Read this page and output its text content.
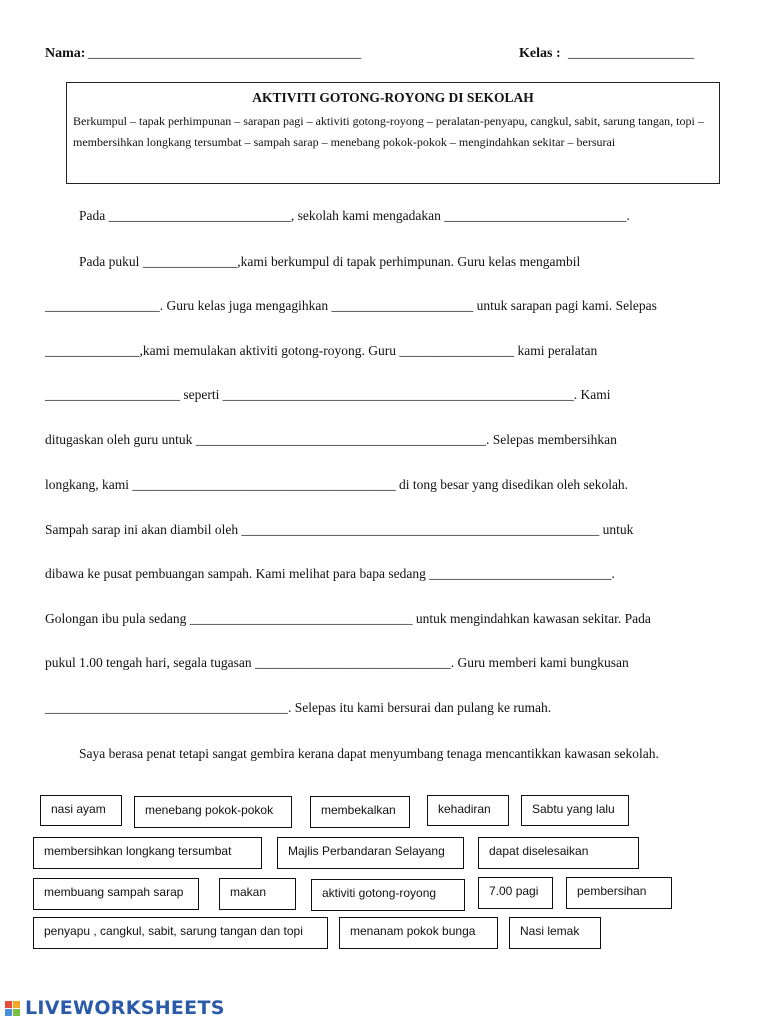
Nama: _______________________________________	Kelas : __________________
AKTIVITI GOTONG-ROYONG DI SEKOLAH
Berkumpul – tapak perhimpunan – sarapan pagi – aktiviti gotong-royong – peralatan-penyapu, cangkul, sabit, sarung tangan, topi – membersihkan longkang tersumbat – sampah sarap – menebang pokok-pokok – mengindahkan sekitar – bersurai
Pada ___________________________, sekolah kami mengadakan ___________________________.
Pada pukul ______________,kami berkumpul di tapak perhimpunan. Guru kelas mengambil
_________________. Guru kelas juga mengagihkan _____________________ untuk sarapan pagi kami. Selepas
______________,kami memulakan aktiviti gotong-royong. Guru _________________ kami peralatan
____________________ seperti ____________________________________________________. Kami
ditugaskan oleh guru untuk ___________________________________________. Selepas membersihkan
longkang, kami _______________________________________ di tong besar yang disedikan oleh sekolah.
Sampah sarap ini akan diambil oleh _____________________________________________________ untuk
dibawa ke pusat pembuangan sampah. Kami melihat para bapa sedang ___________________________.
Golongan ibu pula sedang _________________________________ untuk mengindahkan kawasan sekitar. Pada
pukul 1.00 tengah hari, segala tugasan _____________________________. Guru memberi kami bungkusan
____________________________________. Selepas itu kami bersurai dan pulang ke rumah.
Saya berasa penat tetapi sangat gembira kerana dapat menyumbang tenaga mencantikkan kawasan sekolah.
nasi ayam	menebang pokok-pokok	membekalkan	kehadiran	Sabtu yang lalu
membersihkan longkang tersumbat	Majlis Perbandaran Selayang	dapat diselesaikan
membuang sampah sarap	makan	aktiviti gotong-royong	7.00 pagi	pembersihan
penyapu , cangkul, sabit, sarung tangan dan topi	menanam pokok bunga	Nasi lemak
LIVEWORKSHEETS
